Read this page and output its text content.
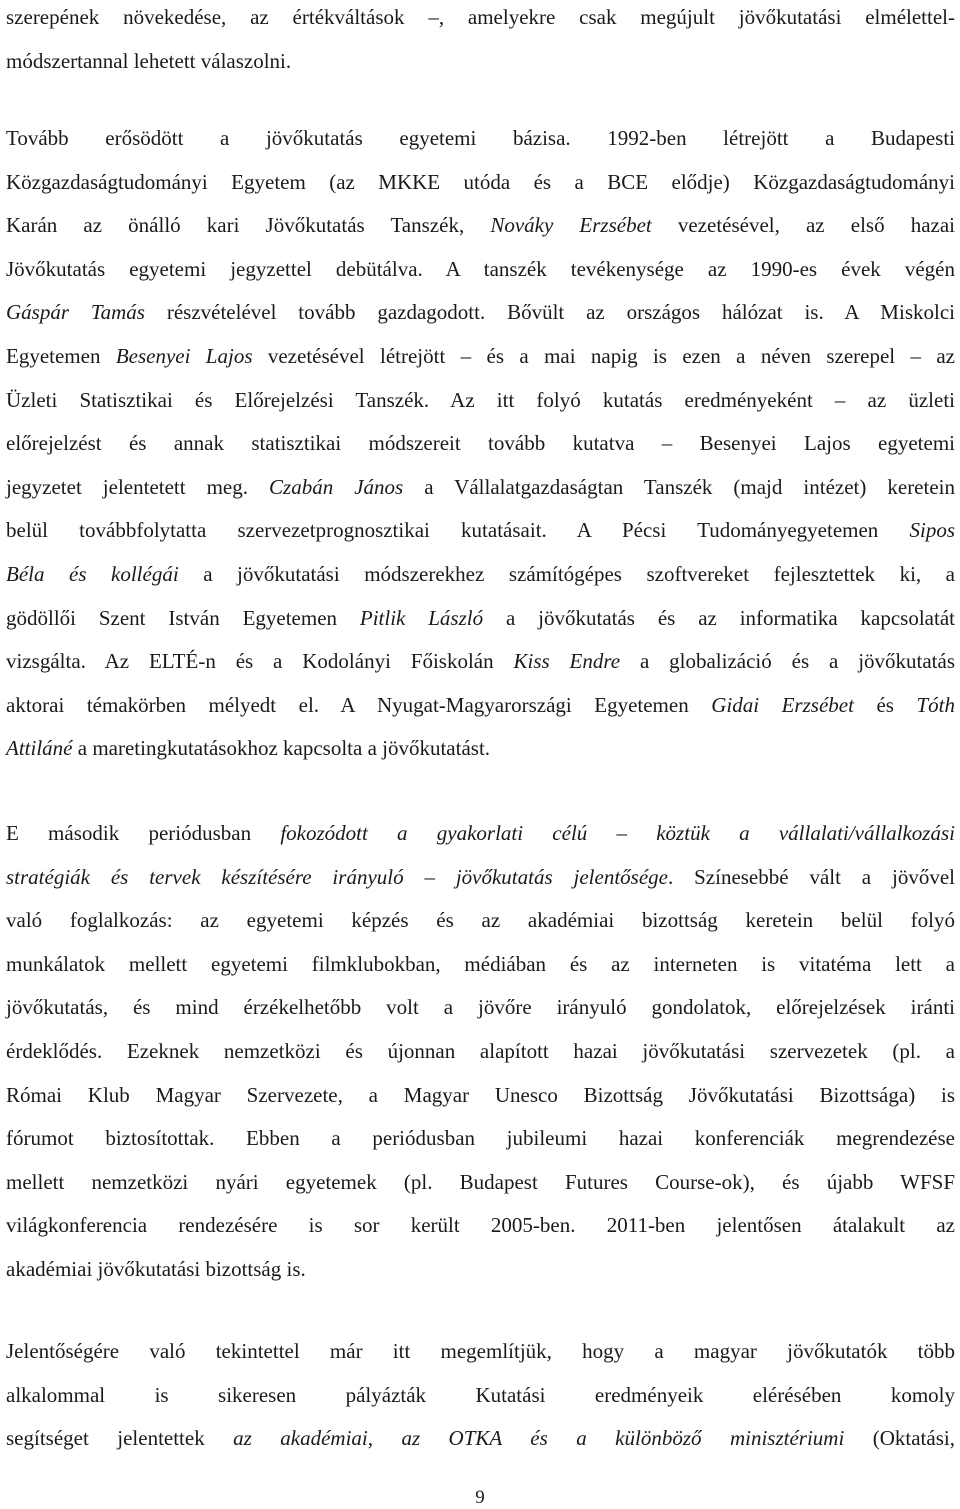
szerepének növekedése, az értékváltások –, amelyekre csak megújult jövőkutatási elmélettel-
módszertannal lehetett válaszolni.
Tovább erősödött a jövőkutatás egyetemi bázisa. 1992-ben létrejött a Budapesti
Közgazdaságtudományi Egyetem (az MKKE utóda és a BCE elődje) Közgazdaságtudományi
Karán az önálló kari Jövőkutatás Tanszék, Nováky Erzsébet vezetésével, az első hazai
Jövőkutatás egyetemi jegyzettel debütálva. A tanszék tevékenysége az 1990-es évek végén
Gáspár Tamás részvételével tovább gazdagodott. Bővült az országos hálózat is. A Miskolci
Egyetemen Besenyei Lajos vezetésével létrejött – és a mai napig is ezen a néven szerepel – az
Üzleti Statisztikai és Előrejelzési Tanszék. Az itt folyó kutatás eredményeként – az üzleti
előrejelzést és annak statisztikai módszereit tovább kutatva – Besenyei Lajos egyetemi
jegyzetet jelentetett meg. Czabán János a Vállalatgazdaságtan Tanszék (majd intézet) keretein
belül továbbfolytatta szervezetprognosztikai kutatásait. A Pécsi Tudományegyetemen Sipos
Béla és kollégái a jövőkutatási módszerekhez számítógépes szoftvereket fejlesztettek ki, a
gödöllői Szent István Egyetemen Pitlik László a jövőkutatás és az informatika kapcsolatát
vizsgálta. Az ELTÉ-n és a Kodolányi Főiskolán Kiss Endre a globalizáció és a jövőkutatás
aktorai témakörben mélyedt el. A Nyugat-Magyarországi Egyetemen Gidai Erzsébet és Tóth
Attiláné a maretingkutatásokhoz kapcsolta a jövőkutatást.
E második periódusban fokozódott a gyakorlati célú – köztük a vállalati/vállalkozási
stratégiák és tervek készítésére irányuló – jövőkutatás jelentősége. Színesebbé vált a jövővel
való foglalkozás: az egyetemi képzés és az akadémiai bizottság keretein belül folyó
munkálatok mellett egyetemi filmklubokban, médiában és az interneten is vitatéma lett a
jövőkutatás, és mind érzékelhetőbb volt a jövőre irányuló gondolatok, előrejelzések iránti
érdeklődés. Ezeknek nemzetközi és újonnan alapított hazai jövőkutatási szervezetek (pl. a
Római Klub Magyar Szervezete, a Magyar Unesco Bizottság Jövőkutatási Bizottsága) is
fórumot biztosítottak. Ebben a periódusban jubileumi hazai konferenciák megrendezése
mellett nemzetközi nyári egyetemek (pl. Budapest Futures Course-ok), és újabb WFSF
világkonferencia rendezésére is sor került 2005-ben. 2011-ben jelentősen átalakult az
akadémiai jövőkutatási bizottság is.
Jelentőségére való tekintettel már itt megemlítjük, hogy a magyar jövőkutatók több
alkalommal is sikeresen pályázták Kutatási eredményeik elérésében komoly
segítséget jelentettek az akadémiai, az OTKA és a különböző minisztériumi (Oktatási,
9
